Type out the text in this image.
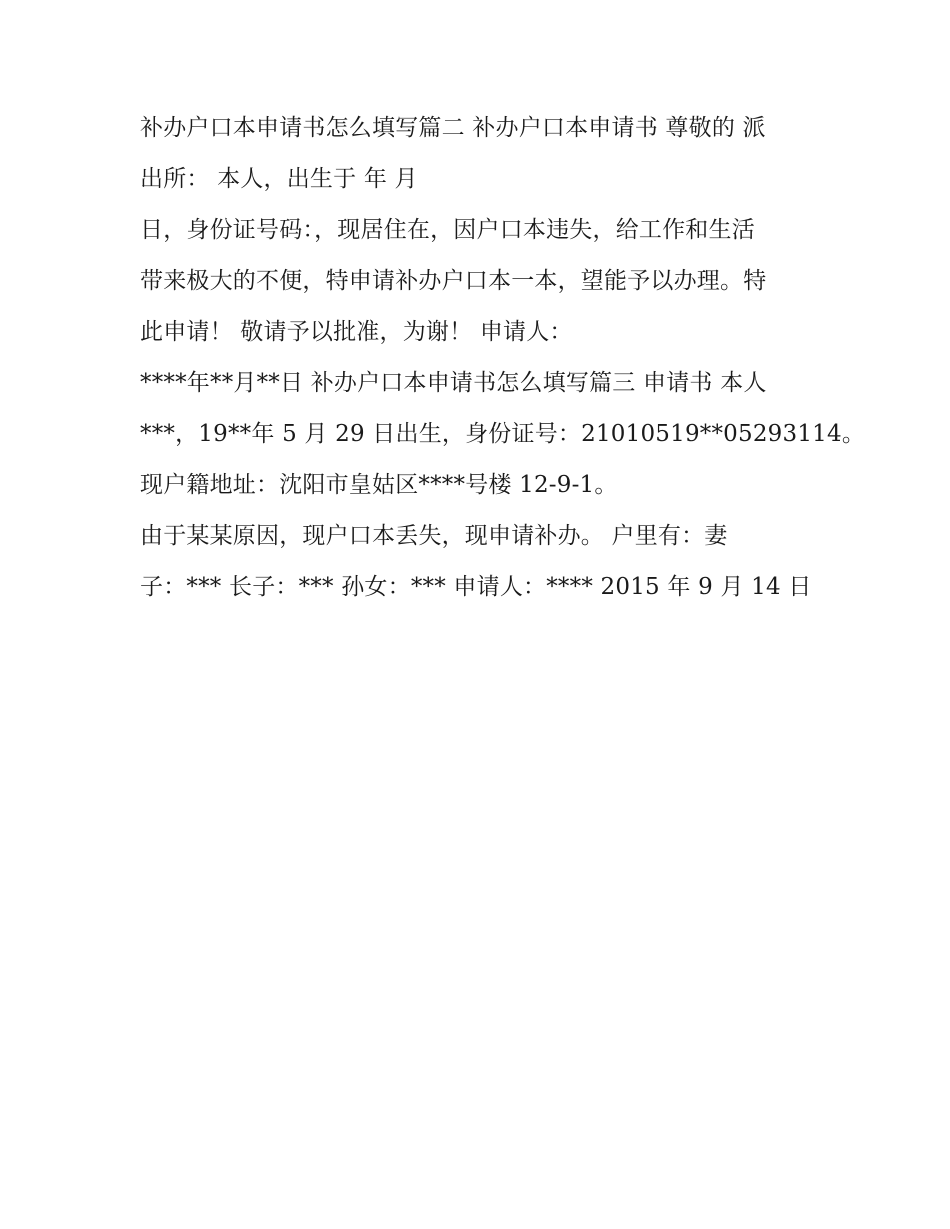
补办户口本申请书怎么填写篇二 补办户口本申请书 尊敬的 派
出所： 本人，出生于 年 月
日，身份证号码：，现居住在，因户口本违失，给工作和生活
带来极大的不便，特申请补办户口本一本，望能予以办理。特
此申请！ 敬请予以批准，为谢！ 申请人：
****年**月**日 补办户口本申请书怎么填写篇三 申请书 本人
***，19**年 5 月 29 日出生，身份证号：21010519**05293114。
现户籍地址：沈阳市皇姑区****号楼 12-9-1。
由于某某原因，现户口本丢失，现申请补办。 户里有：妻
子：*** 长子：*** 孙女：*** 申请人：**** 2015 年 9 月 14 日
